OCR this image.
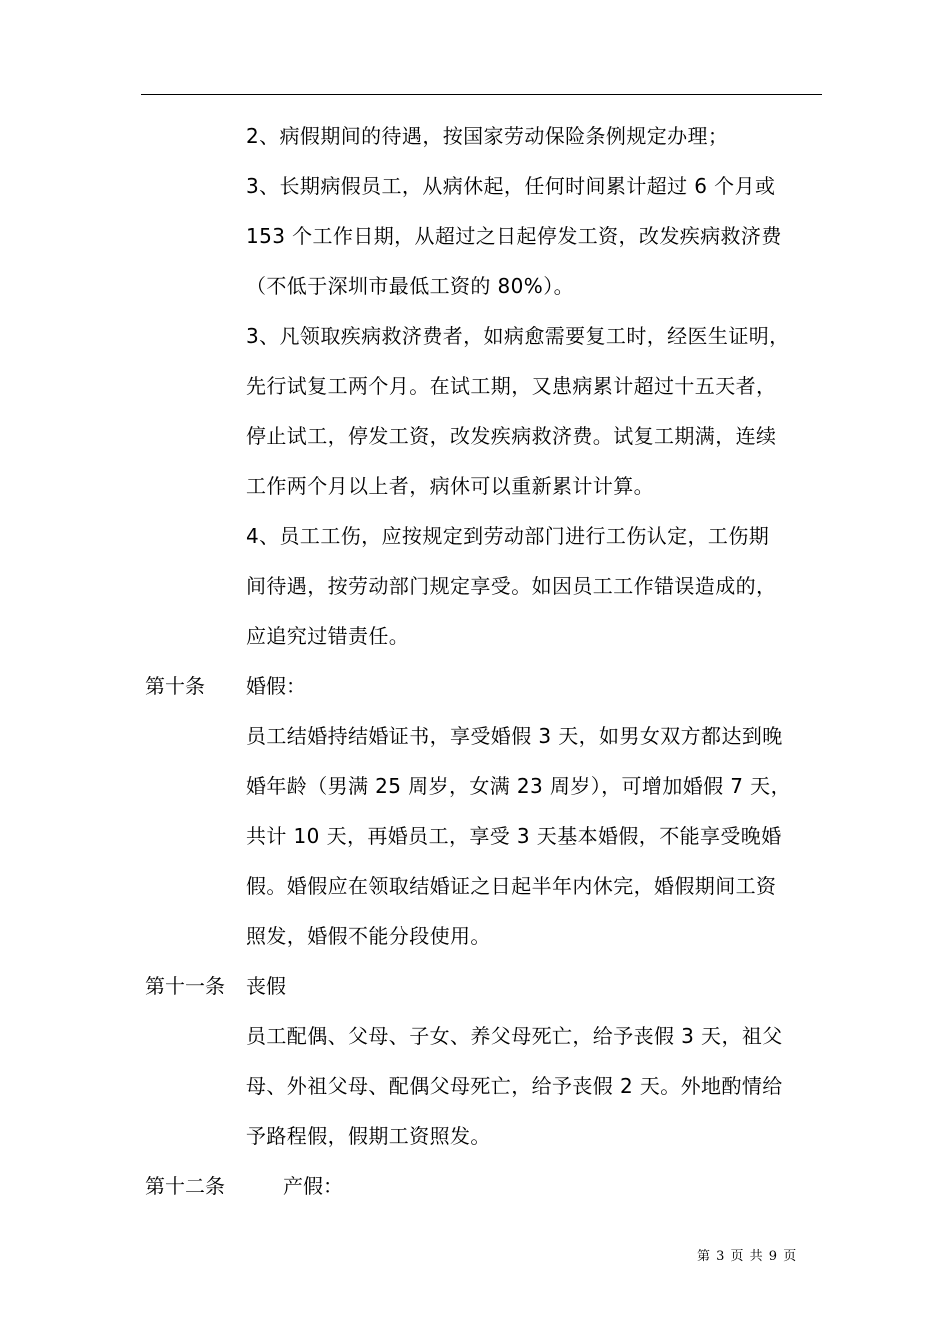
2、病假期间的待遇，按国家劳动保险条例规定办理；
3、长期病假员工，从病休起，任何时间累计超过 6 个月或
153 个工作日期，从超过之日起停发工资，改发疾病救济费
（不低于深圳市最低工资的 80%）。
3、凡领取疾病救济费者，如病愈需要复工时，经医生证明，
先行试复工两个月。在试工期，又患病累计超过十五天者，
停止试工，停发工资，改发疾病救济费。试复工期满，连续
工作两个月以上者，病休可以重新累计计算。
4、员工工伤，应按规定到劳动部门进行工伤认定，工伤期
间待遇，按劳动部门规定享受。如因员工工作错误造成的，
应追究过错责任。
第十条 婚假：
员工结婚持结婚证书，享受婚假 3 天，如男女双方都达到晚
婚年龄（男满 25 周岁，女满 23 周岁），可增加婚假 7 天，
共计 10 天，再婚员工，享受 3 天基本婚假，不能享受晚婚
假。婚假应在领取结婚证之日起半年内休完，婚假期间工资
照发，婚假不能分段使用。
第十一条 丧假
员工配偶、父母、子女、养父母死亡，给予丧假 3 天，祖父
母、外祖父母、配偶父母死亡，给予丧假 2 天。外地酌情给
予路程假，假期工资照发。
第十二条	产假：
第 3 页 共 9 页
